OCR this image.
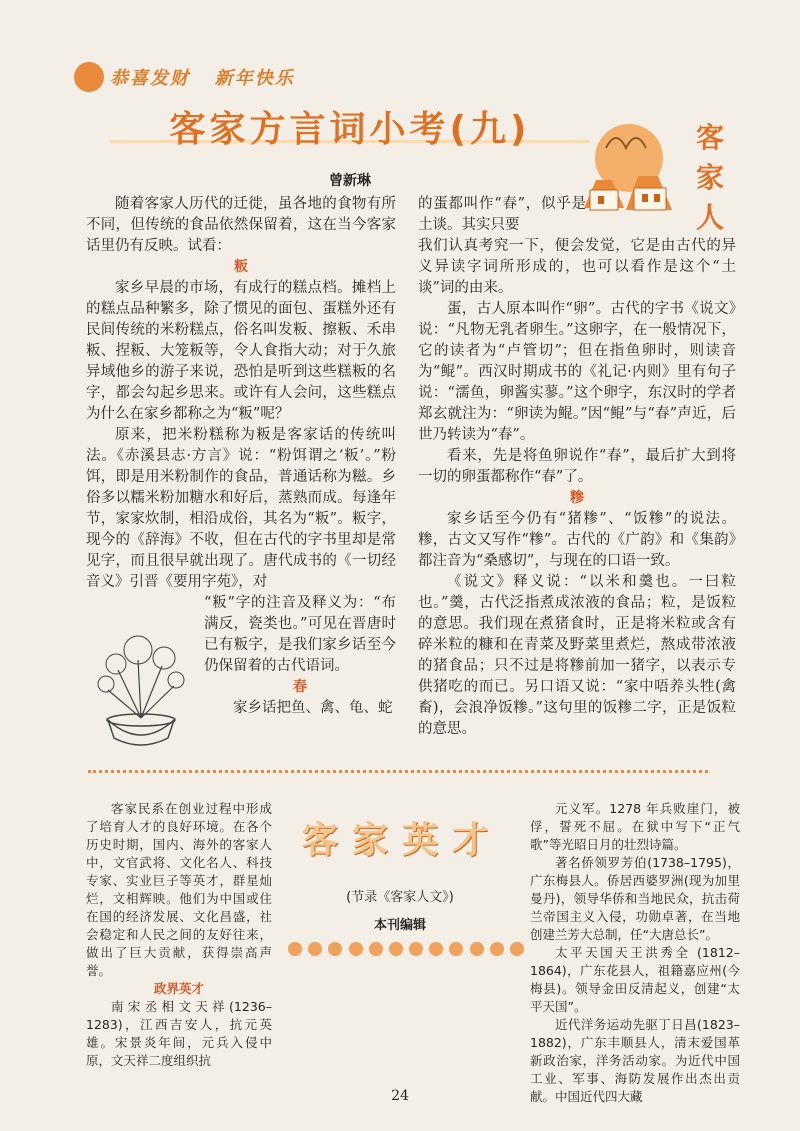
恭喜发财   新年快乐
客家方言词小考(九)	客
家
人
曾新琳

随着客家人历代的迁徙，虽各地的食物有所不同，但传统的食品依然保留着，这在当今客家话里仍有反映。试看：

粄

家乡早晨的市场，有成行的糕点档。摊档上的糕点品种繁多，除了惯见的面包、蛋糕外还有民间传统的米粉糕点，俗名叫发粄、擦粄、禾串粄、捏粄、大笼粄等，令人食指大动；对于久旅异域他乡的游子来说，恐怕是听到这些糕粄的名字，都会勾起乡思来。或许有人会问，这些糕点为什么在家乡都称之为“粄”呢？

原来，把米粉糕称为粄是客家话的传统叫法。《赤溪县志·方言》说：“粉饵谓之‘粄’。”粉饵，即是用米粉制作的食品，普通话称为糍。乡俗多以糯米粉加糖水和好后，蒸熟而成。每逢年节，家家炊制，相沿成俗，其名为“粄”。粄字，现今的《辞海》不收，但在古代的字书里却是常见字，而且很早就出现了。唐代成书的《一切经音义》引晋《要用字苑》，对

“粄”字的注音及释义为：“布满反，瓷类也。”可见在晋唐时已有粄字，是我们家乡话至今仍保留着的古代语词。

春

家乡话把鱼、禽、龟、蛇

的蛋都叫作“春”，似乎是土谈。其实只要

我们认真考究一下，便会发觉，它是由古代的异义异读字词所形成的，也可以看作是这个“土谈”词的由来。

蛋，古人原本叫作“卵”。古代的字书《说文》说：“凡物无乳者卵生。”这卵字，在一般情况下，它的读者为“卢管切”；但在指鱼卵时，则读音为“鲲”。西汉时期成书的《礼记·内则》里有句子说：“濡鱼，卵酱实蓼。”这个卵字，东汉时的学者郑玄就注为：“卵读为鲲。”因“鲲”与“春”声近，后世乃转读为“春”。

看来，先是将鱼卵说作“春”，最后扩大到将一切的卵蛋都称作“春”了。

糁

家乡话至今仍有“猪糁”、“饭糁”的说法。糁，古文又写作“糁”。古代的《广韵》和《集韵》都注音为“桑感切”，与现在的口语一致。

《说文》释义说：“以米和羹也。一曰粒也。”羹，古代泛指煮成浓液的食品；粒，是饭粒的意思。我们现在煮猪食时，正是将米粒或含有碎米粒的糠和在青菜及野菜里煮烂，熬成带浓液的猪食品；只不过是将糁前加一猪字，以表示专供猪吃的而已。另口语又说：“家中唔养头牲(禽畜)，会浪净饭糁。”这句里的饭糁二字，正是饭粒的意思。

客家民系在创业过程中形成了培育人才的良好环境。在各个历史时期，国内、海外的客家人中，文官武将、文化名人、科技专家、实业巨子等英才，群星灿烂，文相辉映。他们为中国或住在国的经济发展、文化昌盛，社会稳定和人民之间的友好往来，做出了巨大贡献，获得崇高声誉。

政界英才

南宋丞相文天祥(1236–1283)，江西吉安人，抗元英雄。宋景炎年间，元兵入侵中原，文天祥二度组织抗

客家英才
(节录《客家人文》)
本刊编辑

元义军。1278 年兵败崖门，被俘，誓死不屈。在狱中写下“正气歌”等光昭日月的壮烈诗篇。

著名侨领罗芳伯(1738–1795)，广东梅县人。侨居西婆罗洲(现为加里曼丹)，领导华侨和当地民众，抗击荷兰帝国主义入侵，功勋卓著，在当地创建兰芳大总制，任“大唐总长”。

太平天国天王洪秀全 (1812–1864)，广东花县人，祖籍嘉应州(今梅县)。领导金田反清起义，创建“太平天国”。

近代洋务运动先驱丁日昌(1823–1882)，广东丰顺县人，清末爱国革新政治家，洋务活动家。为近代中国工业、军事、海防发展作出杰出贡献。中国近代四大藏

24
